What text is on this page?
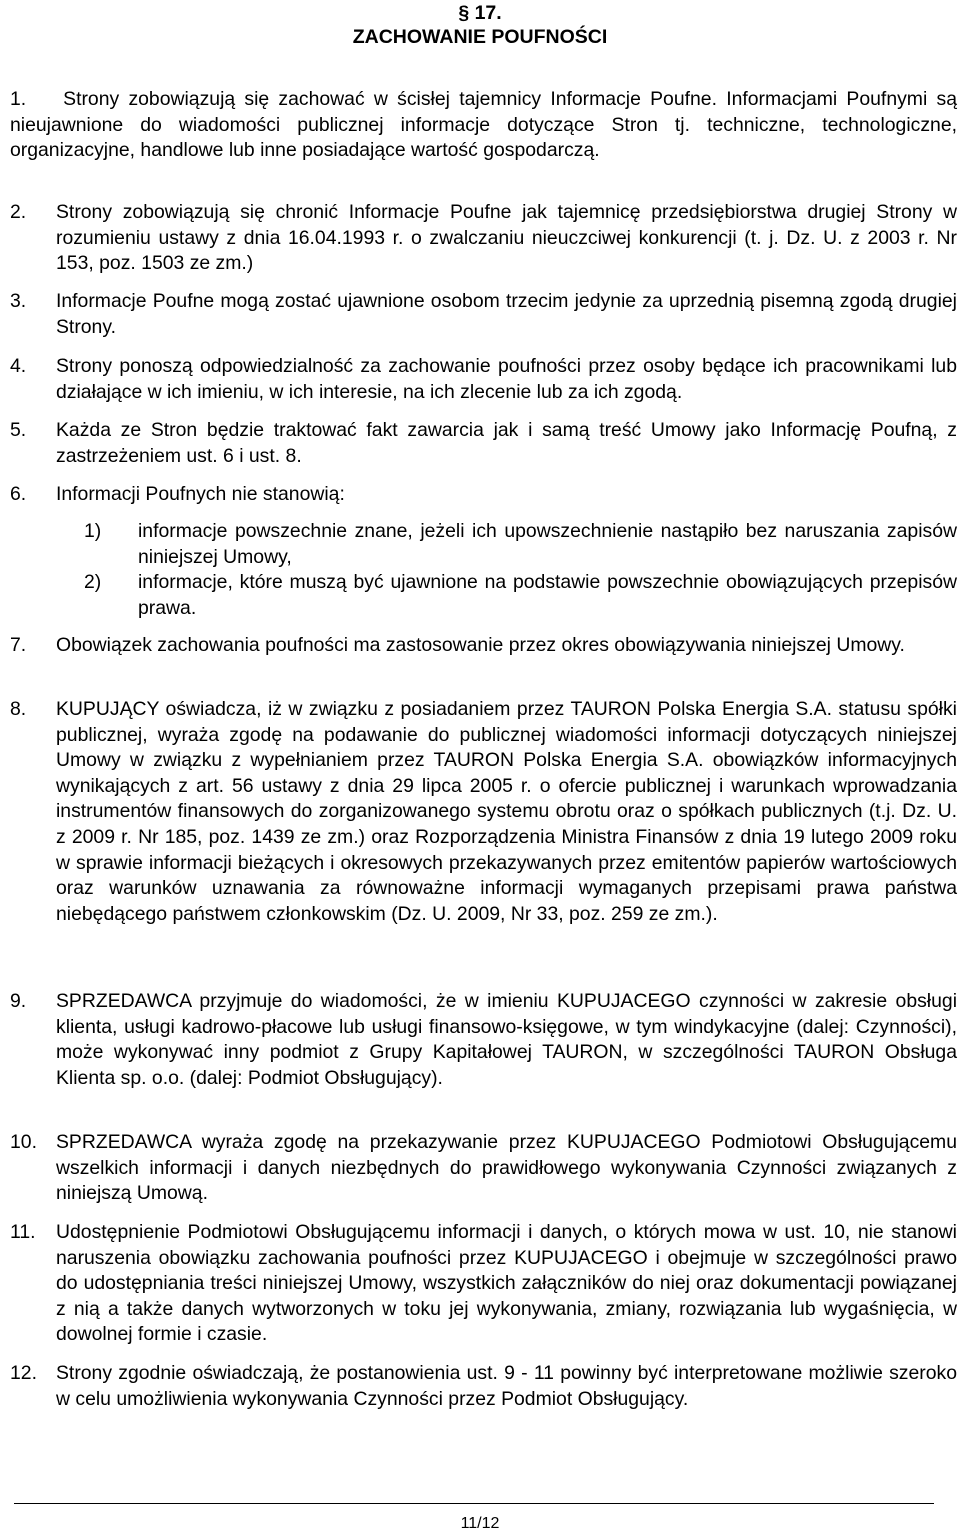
§ 17.
ZACHOWANIE POUFNOŚCI
1. Strony zobowiązują się zachować w ścisłej tajemnicy Informacje Poufne. Informacjami Poufnymi są nieujawnione do wiadomości publicznej informacje dotyczące Stron tj. techniczne, technologiczne, organizacyjne, handlowe lub inne posiadające wartość gospodarczą.
2.	Strony zobowiązują się chronić Informacje Poufne jak tajemnicę przedsiębiorstwa drugiej Strony w rozumieniu ustawy z dnia 16.04.1993 r. o zwalczaniu nieuczciwej konkurencji (t. j. Dz. U. z 2003 r. Nr 153, poz. 1503 ze zm.)
3.	Informacje Poufne mogą zostać ujawnione osobom trzecim jedynie za uprzednią pisemną zgodą drugiej Strony.
4.	Strony ponoszą odpowiedzialność za zachowanie poufności przez osoby będące ich pracownikami lub działające w ich imieniu, w ich interesie, na ich zlecenie lub za ich zgodą.
5.	Każda ze Stron będzie traktować fakt zawarcia jak i samą treść Umowy jako Informację Poufną, z zastrzeżeniem ust. 6 i ust. 8.
6.	Informacji Poufnych nie stanowią:
1)	informacje powszechnie znane, jeżeli ich upowszechnienie nastąpiło bez naruszania zapisów niniejszej Umowy,
2)	informacje, które muszą być ujawnione na podstawie powszechnie obowiązujących przepisów prawa.
7.	Obowiązek zachowania poufności ma zastosowanie przez okres obowiązywania niniejszej Umowy.
8.	KUPUJĄCY oświadcza, iż w związku z posiadaniem przez TAURON Polska Energia S.A. statusu spółki publicznej, wyraża zgodę na podawanie do publicznej wiadomości informacji dotyczących niniejszej Umowy w związku z wypełnianiem przez TAURON Polska Energia S.A. obowiązków informacyjnych wynikających z art. 56 ustawy z dnia 29 lipca 2005 r. o ofercie publicznej i warunkach wprowadzania instrumentów finansowych do zorganizowanego systemu obrotu oraz o spółkach publicznych (t.j. Dz. U. z 2009 r. Nr 185, poz. 1439 ze zm.) oraz Rozporządzenia Ministra Finansów z dnia 19 lutego 2009 roku w sprawie informacji bieżących i okresowych przekazywanych przez emitentów papierów wartościowych oraz warunków uznawania za równoważne informacji wymaganych przepisami prawa państwa niebędącego państwem członkowskim (Dz. U. 2009, Nr 33, poz. 259 ze zm.).
9.	SPRZEDAWCA przyjmuje do wiadomości, że w imieniu KUPUJACEGO czynności w zakresie obsługi klienta, usługi kadrowo-płacowe lub usługi finansowo-księgowe, w tym windykacyjne (dalej: Czynności), może wykonywać inny podmiot z Grupy Kapitałowej TAURON, w szczególności TAURON Obsługa Klienta sp. o.o. (dalej: Podmiot Obsługujący).
10. SPRZEDAWCA wyraża zgodę na przekazywanie przez KUPUJACEGO Podmiotowi Obsługującemu wszelkich informacji i danych niezbędnych do prawidłowego wykonywania Czynności związanych z niniejszą Umową.
11.	Udostępnienie Podmiotowi Obsługującemu informacji i danych, o których mowa w ust. 10, nie stanowi naruszenia obowiązku zachowania poufności przez KUPUJACEGO i obejmuje w szczególności prawo do udostępniania treści niniejszej Umowy, wszystkich załączników do niej oraz dokumentacji powiązanej z nią a także danych wytworzonych w toku jej wykonywania, zmiany, rozwiązania lub wygaśnięcia, w dowolnej formie i czasie.
12. Strony zgodnie oświadczają, że postanowienia ust. 9 - 11 powinny być interpretowane możliwie szeroko w celu umożliwienia wykonywania Czynności przez Podmiot Obsługujący.
11/12
